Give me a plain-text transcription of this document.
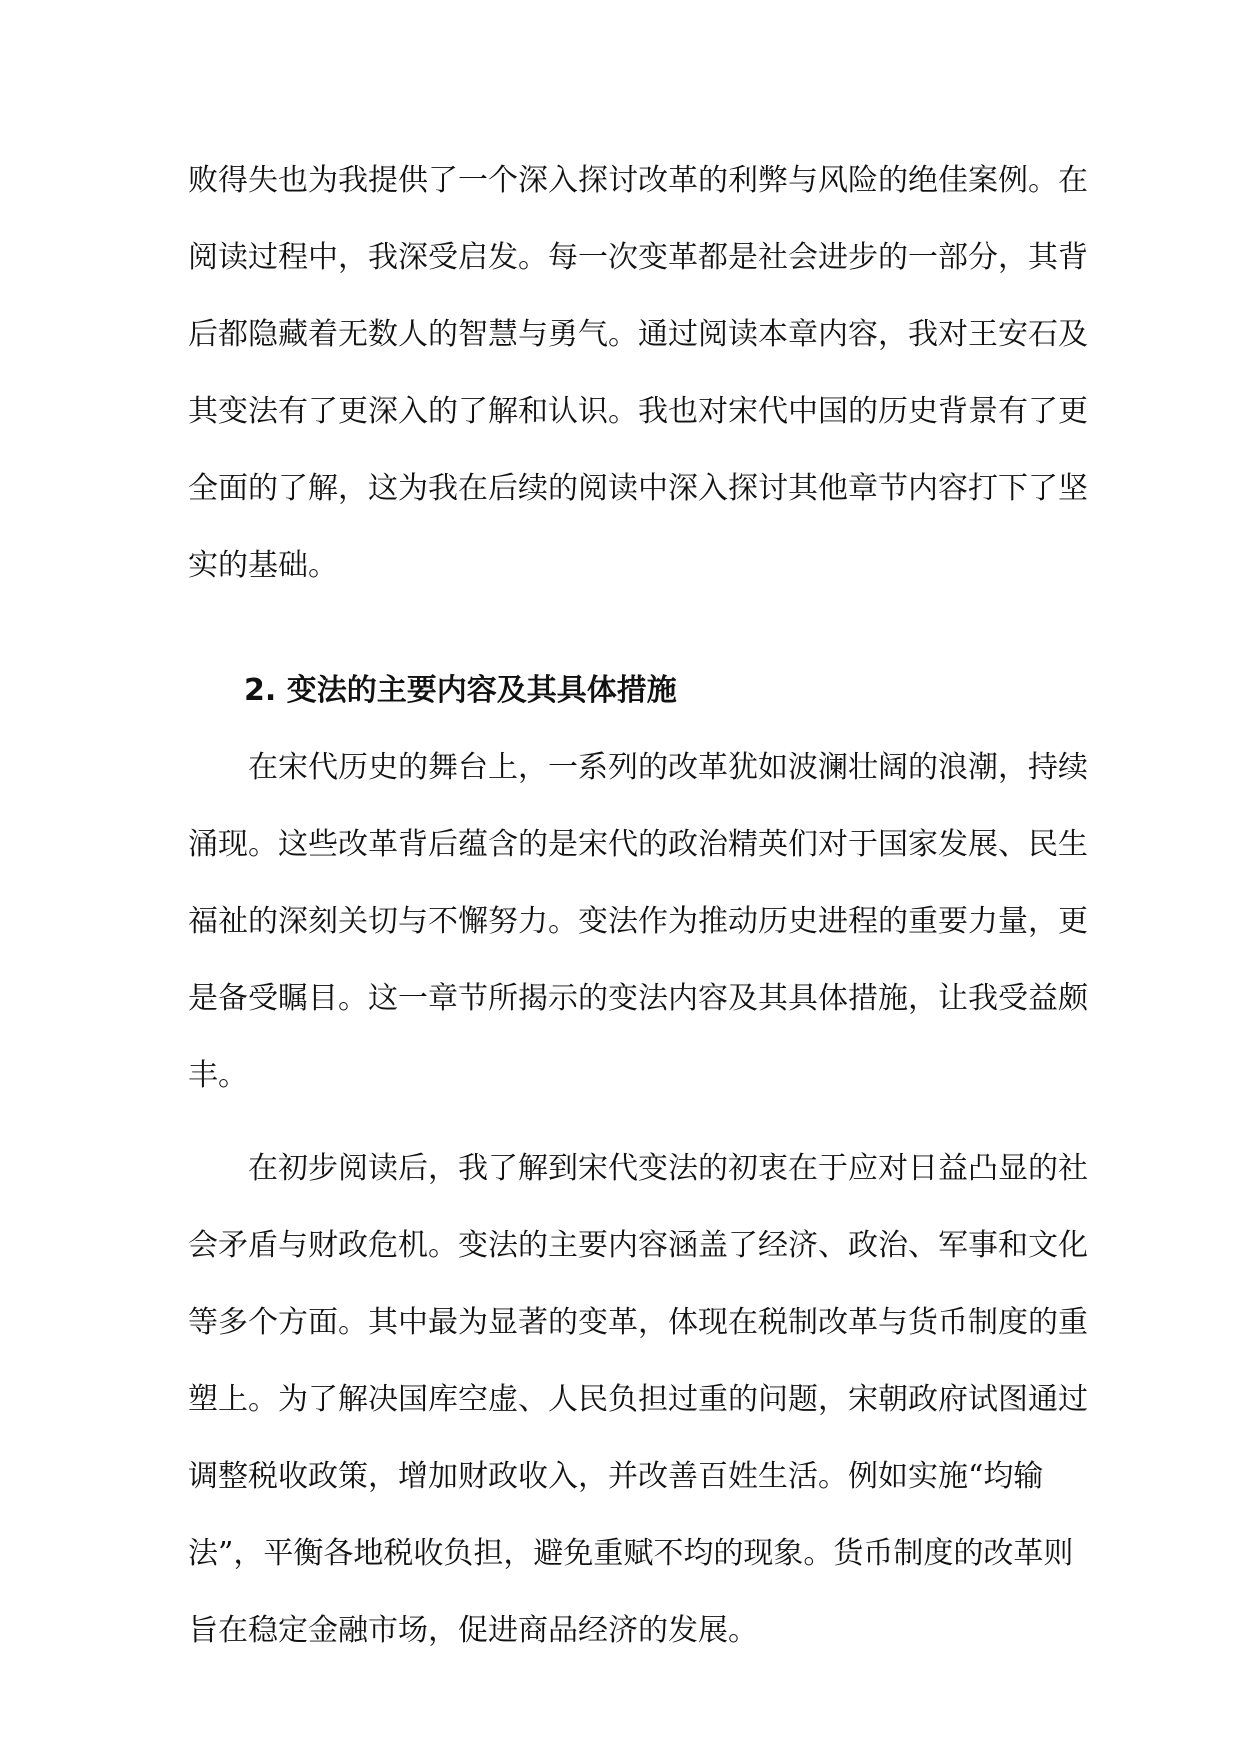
败得失也为我提供了一个深入探讨改革的利弊与风险的绝佳案例。在
阅读过程中，我深受启发。每一次变革都是社会进步的一部分，其背
后都隐藏着无数人的智慧与勇气。通过阅读本章内容，我对王安石及
其变法有了更深入的了解和认识。我也对宋代中国的历史背景有了更
全面的了解，这为我在后续的阅读中深入探讨其他章节内容打下了坚
实的基础。

2. 变法的主要内容及其具体措施

在宋代历史的舞台上，一系列的改革犹如波澜壮阔的浪潮，持续
涌现。这些改革背后蕴含的是宋代的政治精英们对于国家发展、民生
福祉的深刻关切与不懈努力。变法作为推动历史进程的重要力量，更
是备受瞩目。这一章节所揭示的变法内容及其具体措施，让我受益颇
丰。

在初步阅读后，我了解到宋代变法的初衷在于应对日益凸显的社
会矛盾与财政危机。变法的主要内容涵盖了经济、政治、军事和文化
等多个方面。其中最为显著的变革，体现在税制改革与货币制度的重
塑上。为了解决国库空虚、人民负担过重的问题，宋朝政府试图通过
调整税收政策，增加财政收入，并改善百姓生活。例如实施“均输
法”，平衡各地税收负担，避免重赋不均的现象。货币制度的改革则
旨在稳定金融市场，促进商品经济的发展。
